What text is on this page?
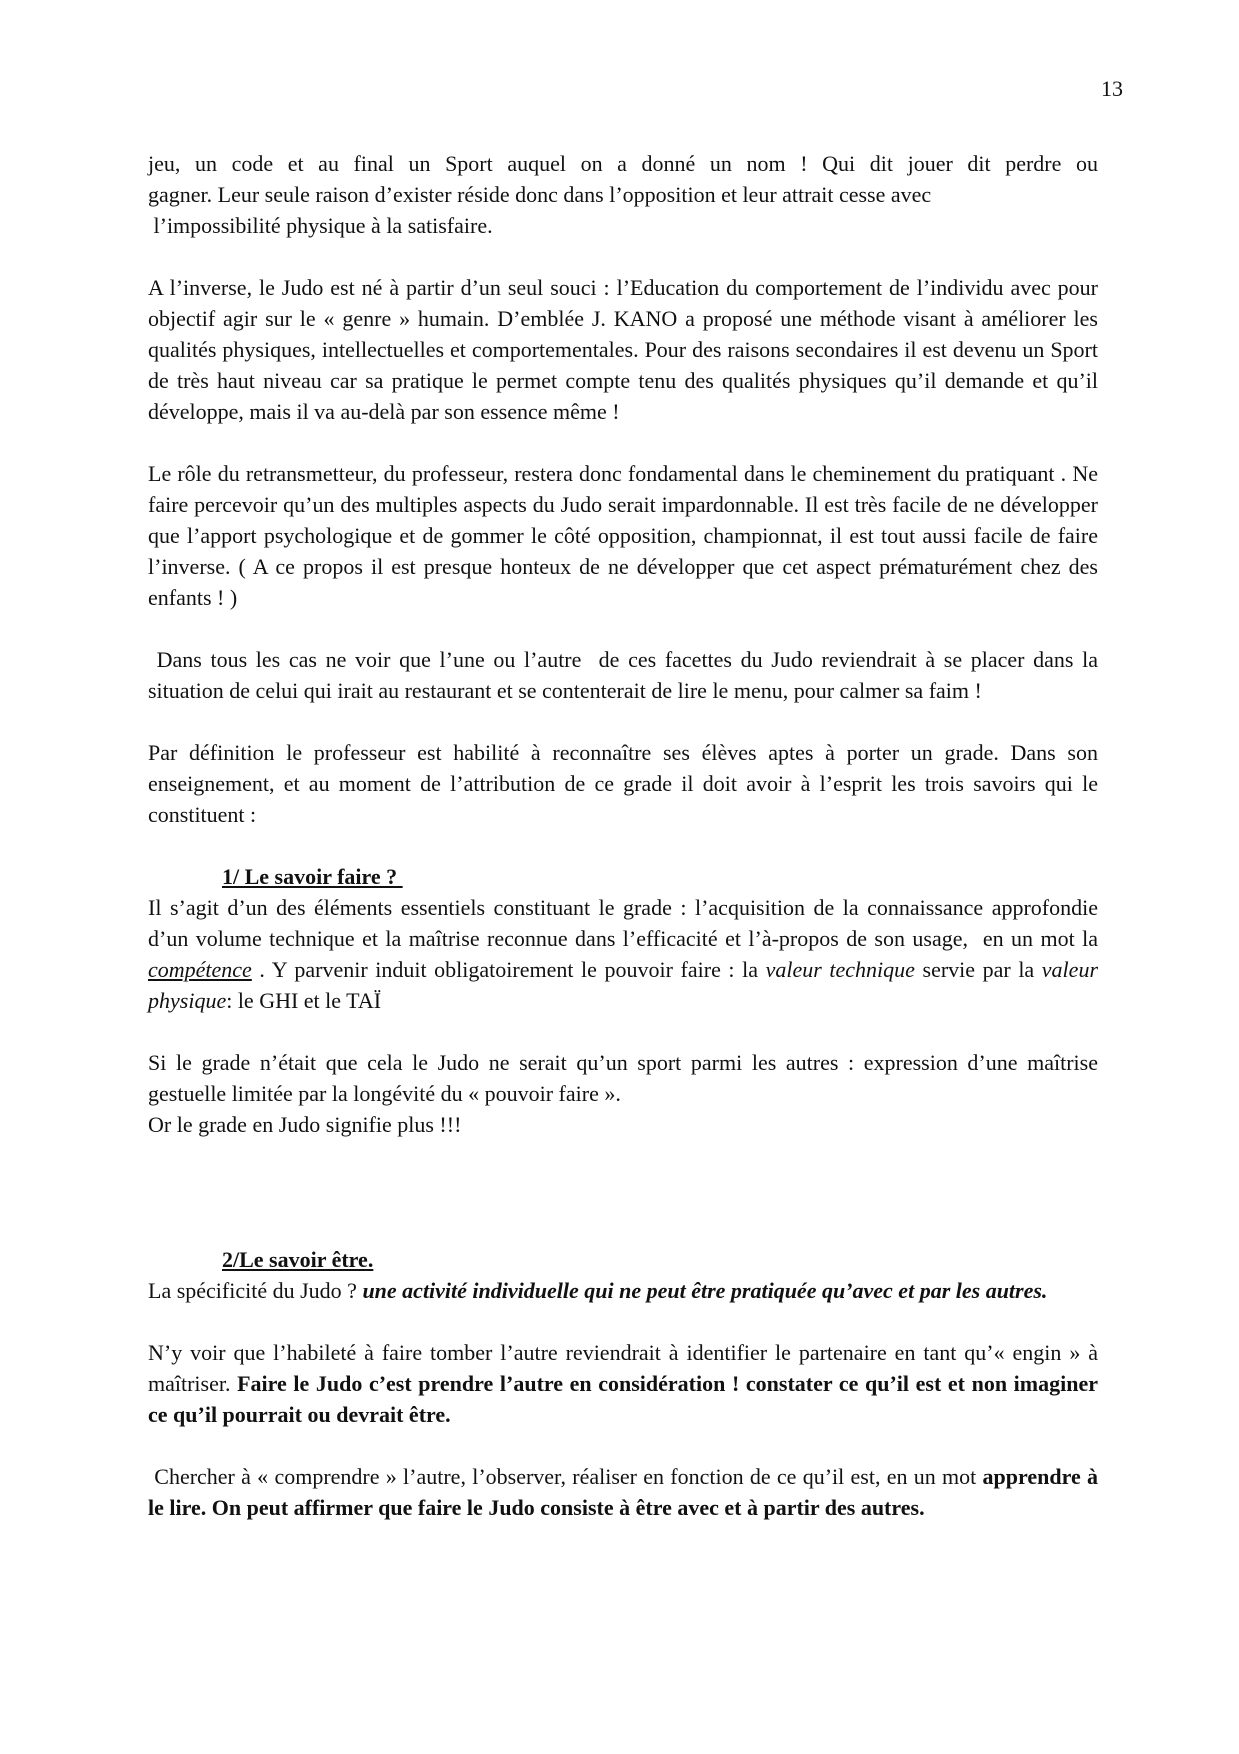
13

jeu, un code et au final un Sport auquel on a donné un nom ! Qui dit jouer dit perdre ou
gagner. Leur seule raison d’exister réside donc dans l’opposition et leur attrait cesse avec
l’impossibilité physique à la satisfaire.

A l’inverse, le Judo est né à partir d’un seul souci : l’Education du comportement de l’individu avec pour objectif agir sur le « genre » humain. D’emblée J. KANO a proposé une méthode visant à améliorer les qualités physiques, intellectuelles et comportementales. Pour des raisons secondaires il est devenu un Sport de très haut niveau car sa pratique le permet compte tenu des qualités physiques qu’il demande et qu’il développe, mais il va au-delà par son essence même !

Le rôle du retransmetteur, du professeur, restera donc fondamental dans le cheminement du pratiquant . Ne faire percevoir qu’un des multiples aspects du Judo serait impardonnable. Il est très facile de ne développer que l’apport psychologique et de gommer le côté opposition, championnat, il est tout aussi facile de faire l’inverse. ( A ce propos il est presque honteux de ne développer que cet aspect prématurément chez des enfants ! )

Dans tous les cas ne voir que l’une ou l’autre  de ces facettes du Judo reviendrait à se placer dans la situation de celui qui irait au restaurant et se contenterait de lire le menu, pour calmer sa faim !

Par définition le professeur est habilité à reconnaître ses élèves aptes à porter un grade. Dans son enseignement, et au moment de l’attribution de ce grade il doit avoir à l’esprit les trois savoirs qui le constituent :

1/ Le savoir faire ?

Il s’agit d’un des éléments essentiels constituant le grade : l’acquisition de la connaissance approfondie d’un volume technique et la maîtrise reconnue dans l’efficacité et l’à-propos de son usage,  en un mot la  compétence . Y parvenir induit obligatoirement le pouvoir faire : la valeur technique servie par la valeur physique: le GHI et le TAÏ

Si le grade n’était que cela le Judo ne serait qu’un sport parmi les autres : expression d’une maîtrise gestuelle limitée par la longévité du « pouvoir faire ».
Or le grade en Judo signifie plus !!!

2/Le savoir être.

La spécificité du Judo ? une activité individuelle qui ne peut être pratiquée qu’avec et par les autres.

N’y voir que l’habileté à faire tomber l’autre reviendrait à identifier le partenaire en tant qu’« engin » à maîtriser. Faire le Judo c’est prendre l’autre en considération ! constater ce qu’il est et non imaginer ce qu’il pourrait ou devrait être.

Chercher à « comprendre » l’autre, l’observer, réaliser en fonction de ce qu’il est, en un mot apprendre à le lire. On peut affirmer que faire le Judo consiste à être avec et à partir des autres.
